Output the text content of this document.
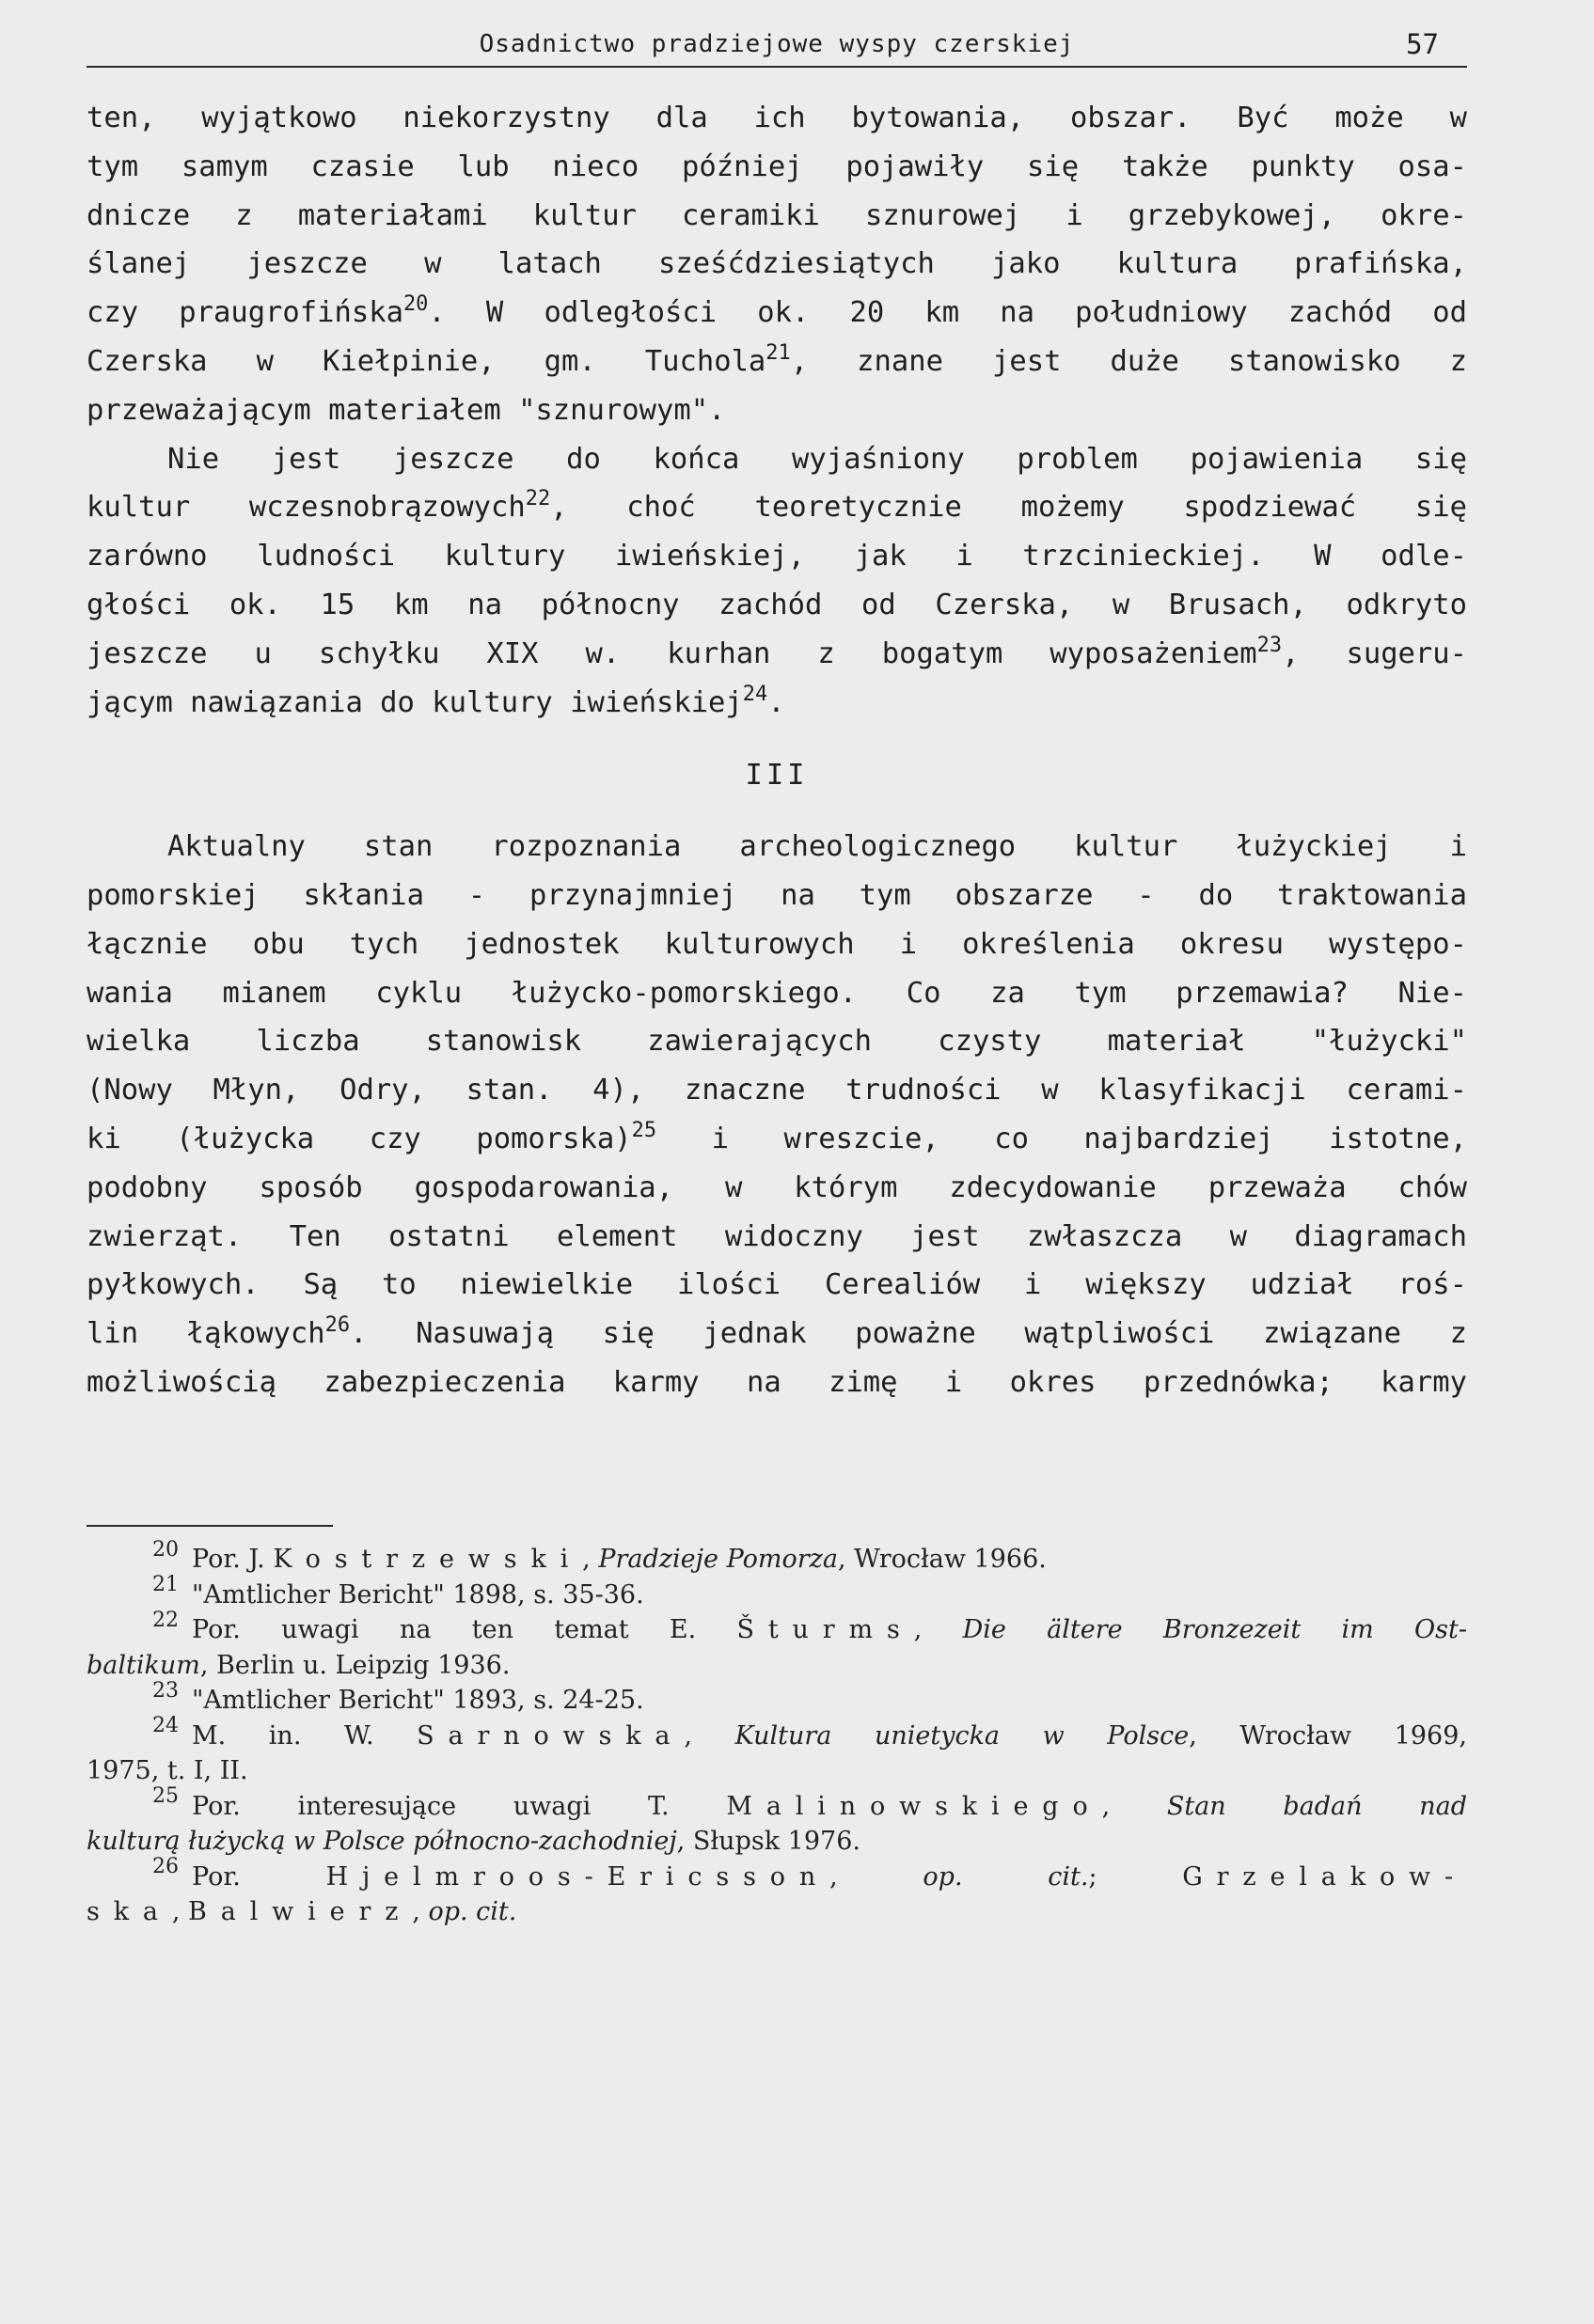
Osadnictwo pradziejowe wyspy czerskiej	57
ten, wyjątkowo niekorzystny dla ich bytowania, obszar. Być może w
tym samym czasie lub nieco później pojawiły się także punkty osa-
dnicze z materiałami kultur ceramiki sznurowej i grzebykowej, okre-
ślanej jeszcze w latach sześćdziesiątych jako kultura prafińska,
czy praugrofińska$^{20}$. W odległości ok. 20 km na południowy zachód od
Czerska w Kiełpinie, gm. Tuchola$^{21}$, znane jest duże stanowisko z
przeważającym materiałem "sznurowym".
Nie jest jeszcze do końca wyjaśniony problem pojawienia się
kultur wczesnobrązowych$^{22}$, choć teoretycznie możemy spodziewać się
zarówno ludności kultury iwieńskiej, jak i trzcinieckiej. W odle-
głości ok. 15 km na północny zachód od Czerska, w Brusach, odkryto
jeszcze u schyłku XIX w. kurhan z bogatym wyposażeniem$^{23}$, sugeru-
jącym nawiązania do kultury iwieńskiej$^{24}$.
III
Aktualny stan rozpoznania archeologicznego kultur łużyckiej i
pomorskiej skłania - przynajmniej na tym obszarze - do traktowania
łącznie obu tych jednostek kulturowych i określenia okresu występo-
wania mianem cyklu łużycko-pomorskiego. Co za tym przemawia? Nie-
wielka liczba stanowisk zawierających czysty materiał "łużycki"
(Nowy Młyn, Odry, stan. 4), znaczne trudności w klasyfikacji cerami-
ki (łużycka czy pomorska)$^{25}$ i wreszcie, co najbardziej istotne,
podobny sposób gospodarowania, w którym zdecydowanie przeważa chów
zwierząt. Ten ostatni element widoczny jest zwłaszcza w diagramach
pyłkowych. Są to niewielkie ilości Cerealiów i większy udział roś-
lin łąkowych$^{26}$. Nasuwają się jednak poważne wątpliwości związane z
możliwością zabezpieczenia karmy na zimę i okres przednówka; karmy
$^{20}$ Por. J. Kostrzewski, Pradzieje Pomorza, Wrocław 1966.
$^{21}$ "Amtlicher Bericht" 1898, s. 35-36.
$^{22}$ Por. uwagi na ten temat E. Šturms, Die ältere Bronzezeit im Ost-
baltikum, Berlin u. Leipzig 1936.
$^{23}$ "Amtlicher Bericht" 1893, s. 24-25.
$^{24}$ M. in. W. Sarnowska, Kultura unietycka w Polsce, Wrocław 1969,
1975, t. I, II.
$^{25}$ Por. interesujące uwagi T. Malinowskiego, Stan badań nad
kulturą łużycką w Polsce północno-zachodniej, Słupsk 1976.
$^{26}$ Por. Hjelmroos-Ericsson, op. cit.; Grzelakow-
ska, Balwierz, op. cit.
